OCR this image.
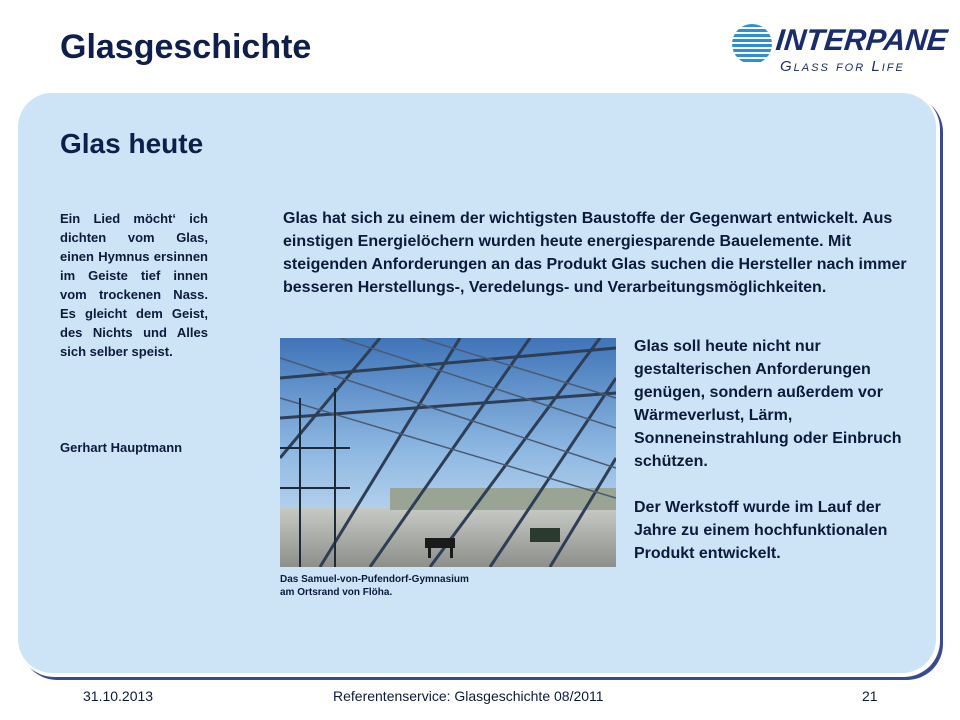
Glasgeschichte	INTERPANE
Glass for Life
Glas heute
Ein Lied möcht‘ ich dichten vom Glas, einen Hymnus ersinnen im Geiste tief innen vom trockenen Nass. Es gleicht dem Geist, des Nichts und Alles sich selber speist.
Gerhart Hauptmann
Glas hat sich zu einem der wichtigsten Baustoffe der Gegenwart entwickelt. Aus einstigen Energielöchern wurden heute energiesparende Bauelemente. Mit steigenden Anforderungen an das Produkt Glas suchen die Hersteller nach immer besseren Herstellungs-, Veredelungs- und Verarbeitungsmöglichkeiten.
Das Samuel-von-Pufendorf-Gymnasium
am Ortsrand von Flöha.

Glas soll heute nicht nur gestalterischen Anforderungen genügen, sondern außerdem vor Wärmeverlust, Lärm, Sonneneinstrahlung oder Einbruch schützen.

Der Werkstoff wurde im Lauf der Jahre zu einem hochfunktionalen Produkt entwickelt.

31.10.2013	Referentenservice: Glasgeschichte 08/2011	21
